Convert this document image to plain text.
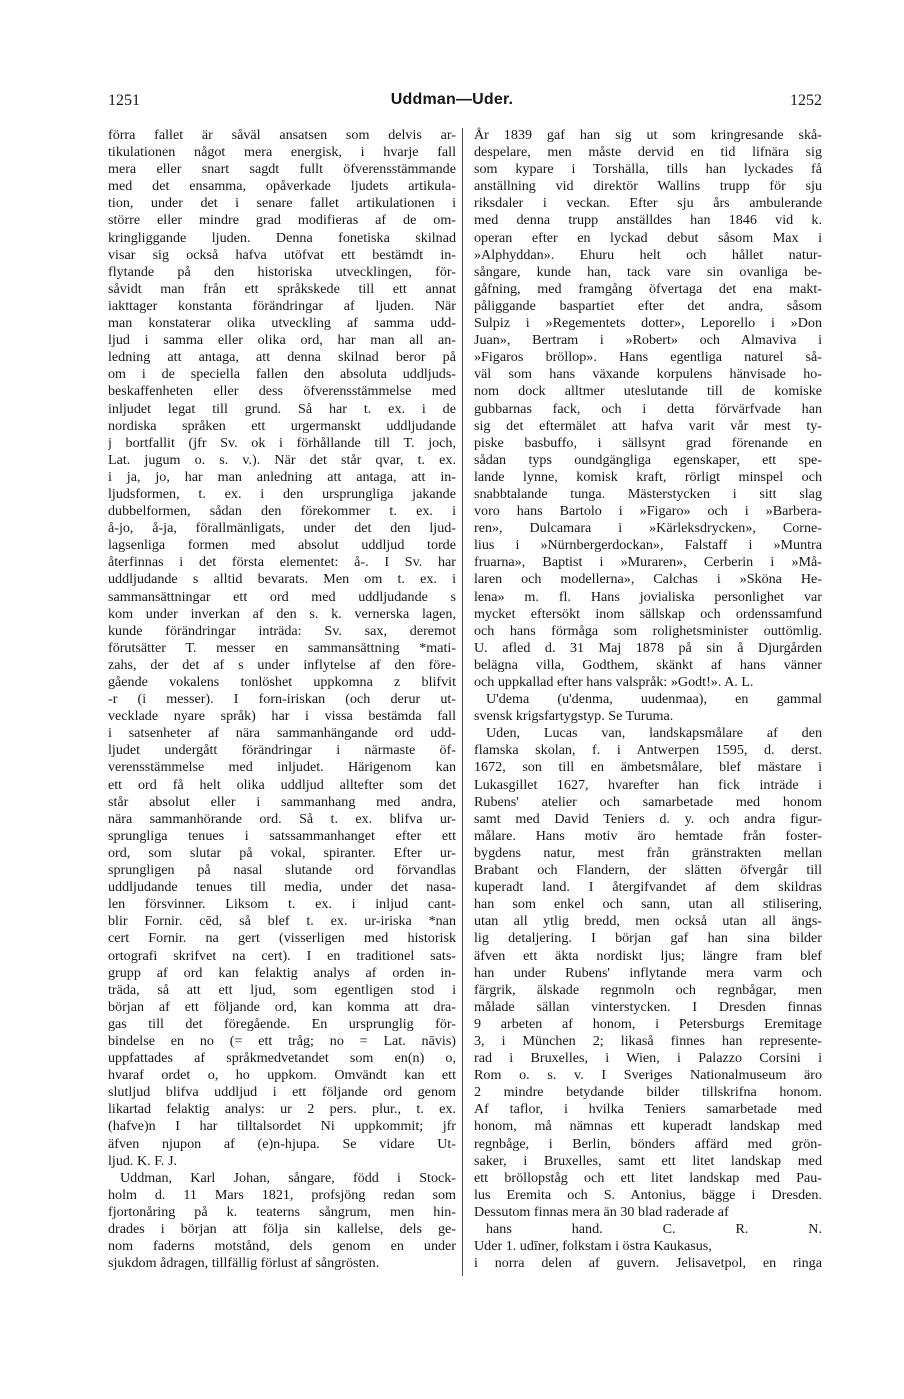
1251	Uddman—Uder.	1252
förra fallet är såväl ansatsen som delvis ar-
tikulationen något mera energisk, i hvarje fall
mera eller snart sagdt fullt öfverensstämmande
med det ensamma, opåverkade ljudets artikula-
tion, under det i senare fallet artikulationen i
större eller mindre grad modifieras af de om-
kringliggande ljuden. Denna fonetiska skilnad
visar sig också hafva utöfvat ett bestämdt in-
flytande på den historiska utvecklingen, för-
såvidt man från ett språkskede till ett annat
iakttager konstanta förändringar af ljuden. När
man konstaterar olika utveckling af samma udd-
ljud i samma eller olika ord, har man all an-
ledning att antaga, att denna skilnad beror på
om i de speciella fallen den absoluta uddljuds-
beskaffenheten eller dess öfverensstämmelse med
inljudet legat till grund. Så har t. ex. i de
nordiska språken ett urgermanskt uddljudande
j bortfallit (jfr Sv. ok i förhållande till T. joch,
Lat. jugum o. s. v.). När det står qvar, t. ex.
i ja, jo, har man anledning att antaga, att in-
ljudsformen, t. ex. i den ursprungliga jakande
dubbelformen, sådan den förekommer t. ex. i
å-jo, å-ja, förallmänligats, under det den ljud-
lagsenliga formen med absolut uddljud torde
återfinnas i det första elementet: å-. I Sv. har
uddljudande s alltid bevarats. Men om t. ex. i
sammansättningar ett ord med uddljudande s
kom under inverkan af den s. k. vernerska lagen,
kunde förändringar inträda: Sv. sax, deremot
förutsätter T. messer en sammansättning *mati-
zahs, der det af s under inflytelse af den före-
gående vokalens tonlöshet uppkomna z blifvit
-r (i messer). I forn-iriskan (och derur ut-
vecklade nyare språk) har i vissa bestämda fall
i satsenheter af nära sammanhängande ord udd-
ljudet undergått förändringar i närmaste öf-
verensstämmelse med inljudet. Härigenom kan
ett ord få helt olika uddljud alltefter som det
står absolut eller i sammanhang med andra,
nära sammanhörande ord. Så t. ex. blifva ur-
sprungliga tenues i satssammanhanget efter ett
ord, som slutar på vokal, spiranter. Efter ur-
sprungligen på nasal slutande ord förvandlas
uddljudande tenues till media, under det nasa-
len försvinner. Liksom t. ex. i inljud cant-
blir Fornir. cēd, så blef t. ex. ur-iriska *nan
cert Fornir. na gert (visserligen med historisk
ortografi skrifvet na cert). I en traditionel sats-
grupp af ord kan felaktig analys af orden in-
träda, så att ett ljud, som egentligen stod i
början af ett följande ord, kan komma att dra-
gas till det föregående. En ursprunglig för-
bindelse en no (= ett tråg; no = Lat. nāvis)
uppfattades af språkmedvetandet som en(n) o,
hvaraf ordet o, ho uppkom. Omvändt kan ett
slutljud blifva uddljud i ett följande ord genom
likartad felaktig analys: ur 2 pers. plur., t. ex.
(hafve)n I har tilltalsordet Ni uppkommit; jfr
äfven njupon af (e)n-hjupa. Se vidare Ut-
ljud. K. F. J.
Uddman, Karl Johan, sångare, född i Stock-
holm d. 11 Mars 1821, profsjöng redan som
fjortonåring på k. teaterns sångrum, men hin-
drades i början att följa sin kallelse, dels ge-
nom faderns motstånd, dels genom en under
sjukdom ådragen, tillfällig förlust af sångrösten.
År 1839 gaf han sig ut som kringresande skå-
despelare, men måste dervid en tid lifnära sig
som kypare i Torshälla, tills han lyckades få
anställning vid direktör Wallins trupp för sju
riksdaler i veckan. Efter sju års ambulerande
med denna trupp anställdes han 1846 vid k.
operan efter en lyckad debut såsom Max i
»Alphyddan». Ehuru helt och hållet natur-
sångare, kunde han, tack vare sin ovanliga be-
gåfning, med framgång öfvertaga det ena makt-
påliggande baspartiet efter det andra, såsom
Sulpiz i »Regementets dotter», Leporello i »Don
Juan», Bertram i »Robert» och Almaviva i
»Figaros bröllop». Hans egentliga naturel så-
väl som hans växande korpulens hänvisade ho-
nom dock alltmer uteslutande till de komiske
gubbarnas fack, och i detta förvärfvade han
sig det eftermälet att hafva varit vår mest ty-
piske basbuffo, i sällsynt grad förenande en
sådan typs oundgängliga egenskaper, ett spe-
lande lynne, komisk kraft, rörligt minspel och
snabbtalande tunga. Mästerstycken i sitt slag
voro hans Bartolo i »Figaro» och i »Barbera-
ren», Dulcamara i »Kärleksdrycken», Corne-
lius i »Nürnbergerdockan», Falstaff i »Muntra
fruarna», Baptist i »Muraren», Cerberin i »Må-
laren och modellerna», Calchas i »Sköna He-
lena» m. fl. Hans jovialiska personlighet var
mycket eftersökt inom sällskap och ordenssamfund
och hans förmåga som rolighetsminister outtömlig.
U. afled d. 31 Maj 1878 på sin å Djurgården
belägna villa, Godthem, skänkt af hans vänner
och uppkallad efter hans valspråk: »Godt!». A. L.
U'dema (u'denma, uudenmaa), en gammal
svensk krigsfartygstyp. Se Turuma.
Uden, Lucas van, landskapsmålare af den
flamska skolan, f. i Antwerpen 1595, d. derst.
1672, son till en ämbetsmålare, blef mästare i
Lukasgillet 1627, hvarefter han fick inträde i
Rubens' atelier och samarbetade med honom
samt med David Teniers d. y. och andra figur-
målare. Hans motiv äro hemtade från foster-
bygdens natur, mest från gränstrakten mellan
Brabant och Flandern, der slätten öfvergår till
kuperadt land. I återgifvandet af dem skildras
han som enkel och sann, utan all stilisering,
utan all ytlig bredd, men också utan all ängs-
lig detaljering. I början gaf han sina bilder
äfven ett äkta nordiskt ljus; längre fram blef
han under Rubens' inflytande mera varm och
färgrik, älskade regnmoln och regnbågar, men
målade sällan vinterstycken. I Dresden finnas
9 arbeten af honom, i Petersburgs Eremitage
3, i München 2; likaså finnes han represente-
rad i Bruxelles, i Wien, i Palazzo Corsini i
Rom o. s. v. I Sveriges Nationalmuseum äro
2 mindre betydande bilder tillskrifna honom.
Af taflor, i hvilka Teniers samarbetade med
honom, må nämnas ett kuperadt landskap med
regnbåge, i Berlin, bönders affärd med grön-
saker, i Bruxelles, samt ett litet landskap med
ett bröllopståg och ett litet landskap med Pau-
lus Eremita och S. Antonius, bägge i Dresden.
Dessutom finnas mera än 30 blad raderade af
hans hand. C. R. N.
Uder 1. udīner, folkstam i östra Kaukasus,
i norra delen af guvern. Jelisavetpol, en ringa
